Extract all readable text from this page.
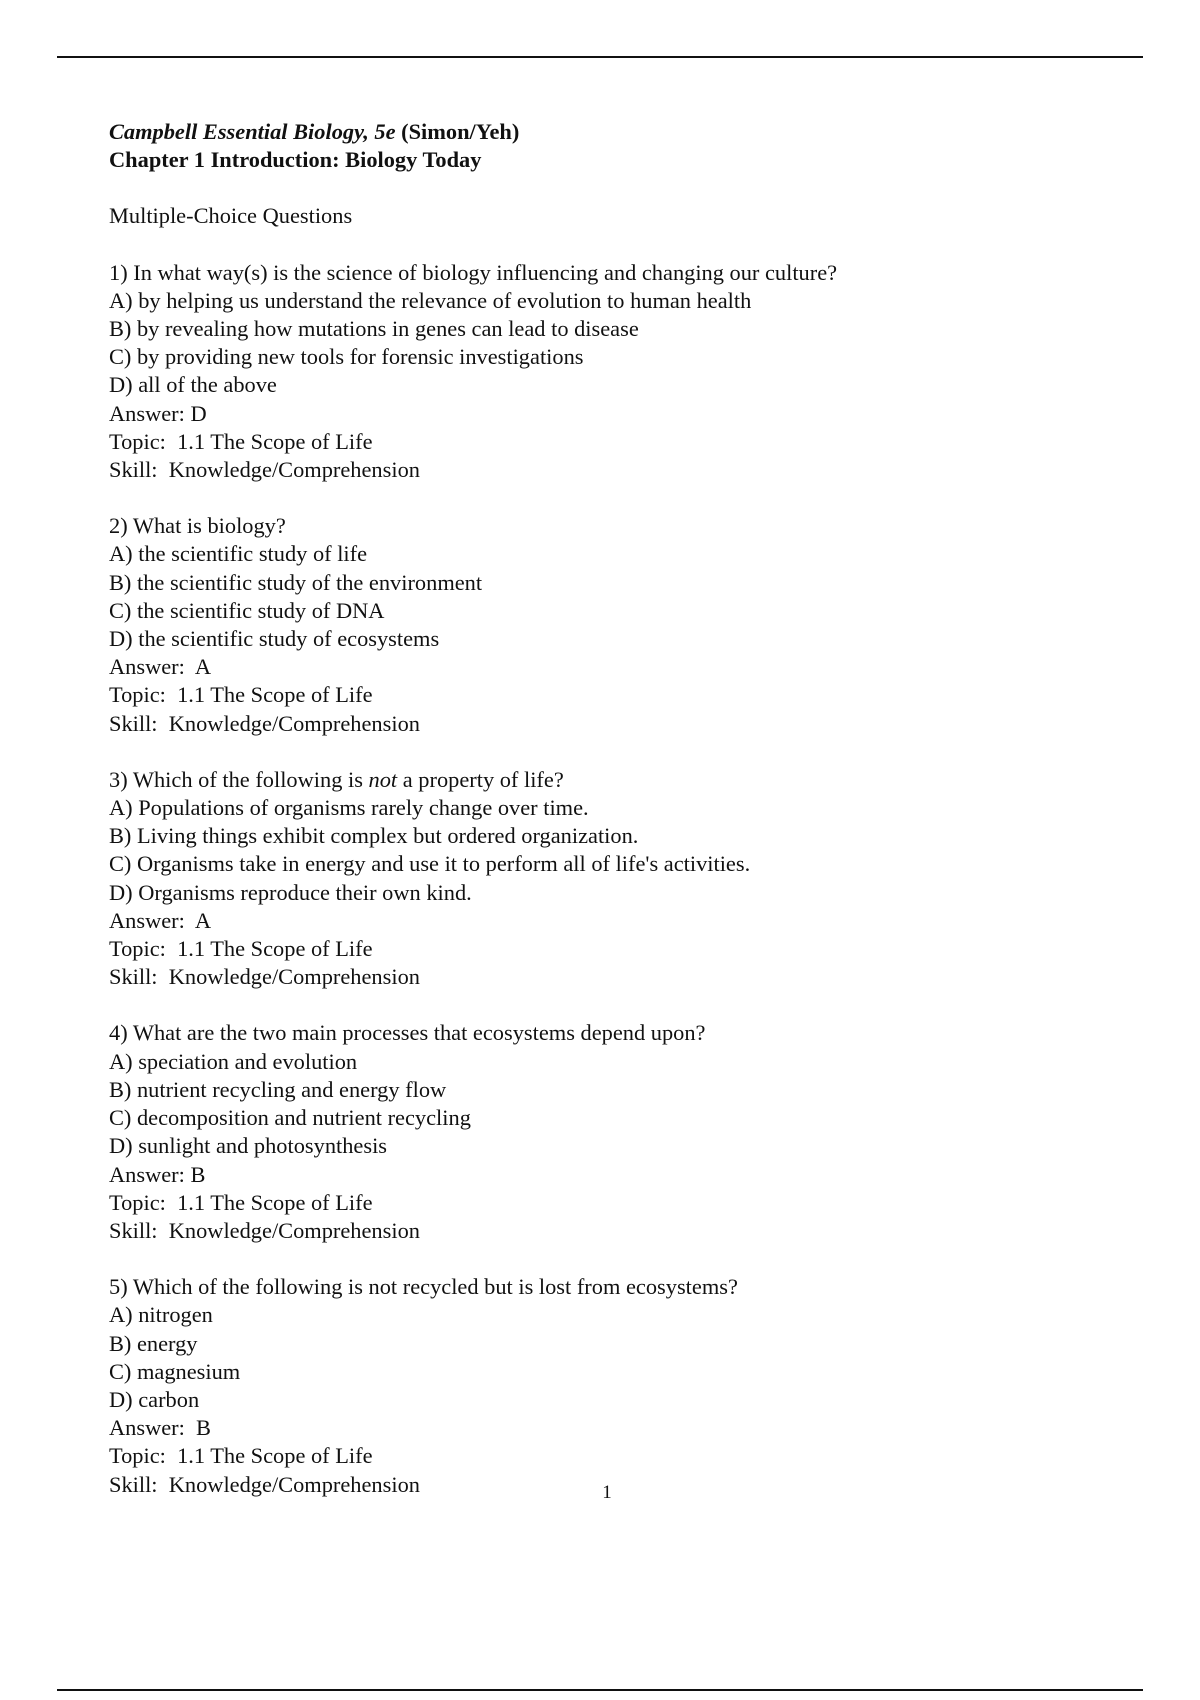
Campbell Essential Biology, 5e (Simon/Yeh)
Chapter 1 Introduction: Biology Today
Multiple-Choice Questions
1) In what way(s) is the science of biology influencing and changing our culture?
A) by helping us understand the relevance of evolution to human health
B) by revealing how mutations in genes can lead to disease
C) by providing new tools for forensic investigations
D) all of the above
Answer: D
Topic:  1.1 The Scope of Life
Skill:  Knowledge/Comprehension
2) What is biology?
A) the scientific study of life
B) the scientific study of the environment
C) the scientific study of DNA
D) the scientific study of ecosystems
Answer:  A
Topic:  1.1 The Scope of Life
Skill:  Knowledge/Comprehension
3) Which of the following is not a property of life?
A) Populations of organisms rarely change over time.
B) Living things exhibit complex but ordered organization.
C) Organisms take in energy and use it to perform all of life's activities.
D) Organisms reproduce their own kind.
Answer:  A
Topic:  1.1 The Scope of Life
Skill:  Knowledge/Comprehension
4) What are the two main processes that ecosystems depend upon?
A) speciation and evolution
B) nutrient recycling and energy flow
C) decomposition and nutrient recycling
D) sunlight and photosynthesis
Answer: B
Topic:  1.1 The Scope of Life
Skill:  Knowledge/Comprehension
5) Which of the following is not recycled but is lost from ecosystems?
A) nitrogen
B) energy
C) magnesium
D) carbon
Answer:  B
Topic:  1.1 The Scope of Life
Skill:  Knowledge/Comprehension	1
